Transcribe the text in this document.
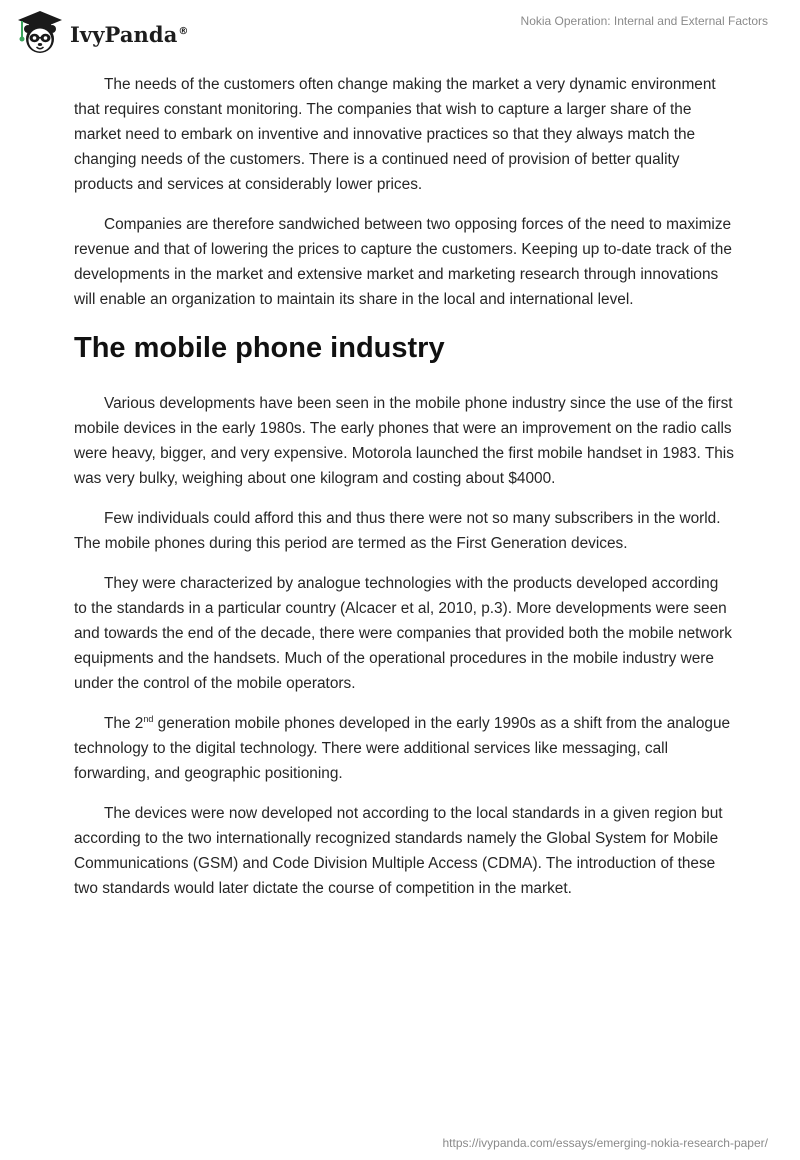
IvyPanda®
Nokia Operation: Internal and External Factors

The needs of the customers often change making the market a very dynamic environment that requires constant monitoring. The companies that wish to capture a larger share of the market need to embark on inventive and innovative practices so that they always match the changing needs of the customers. There is a continued need of provision of better quality products and services at considerably lower prices.

Companies are therefore sandwiched between two opposing forces of the need to maximize revenue and that of lowering the prices to capture the customers. Keeping up to-date track of the developments in the market and extensive market and marketing research through innovations will enable an organization to maintain its share in the local and international level.

The mobile phone industry

Various developments have been seen in the mobile phone industry since the use of the first mobile devices in the early 1980s. The early phones that were an improvement on the radio calls were heavy, bigger, and very expensive. Motorola launched the first mobile handset in 1983. This was very bulky, weighing about one kilogram and costing about $4000.

Few individuals could afford this and thus there were not so many subscribers in the world. The mobile phones during this period are termed as the First Generation devices.

They were characterized by analogue technologies with the products developed according to the standards in a particular country (Alcacer et al, 2010, p.3). More developments were seen and towards the end of the decade, there were companies that provided both the mobile network equipments and the handsets. Much of the operational procedures in the mobile industry were under the control of the mobile operators.

The 2nd generation mobile phones developed in the early 1990s as a shift from the analogue technology to the digital technology. There were additional services like messaging, call forwarding, and geographic positioning.

The devices were now developed not according to the local standards in a given region but according to the two internationally recognized standards namely the Global System for Mobile Communications (GSM) and Code Division Multiple Access (CDMA). The introduction of these two standards would later dictate the course of competition in the market.

https://ivypanda.com/essays/emerging-nokia-research-paper/
